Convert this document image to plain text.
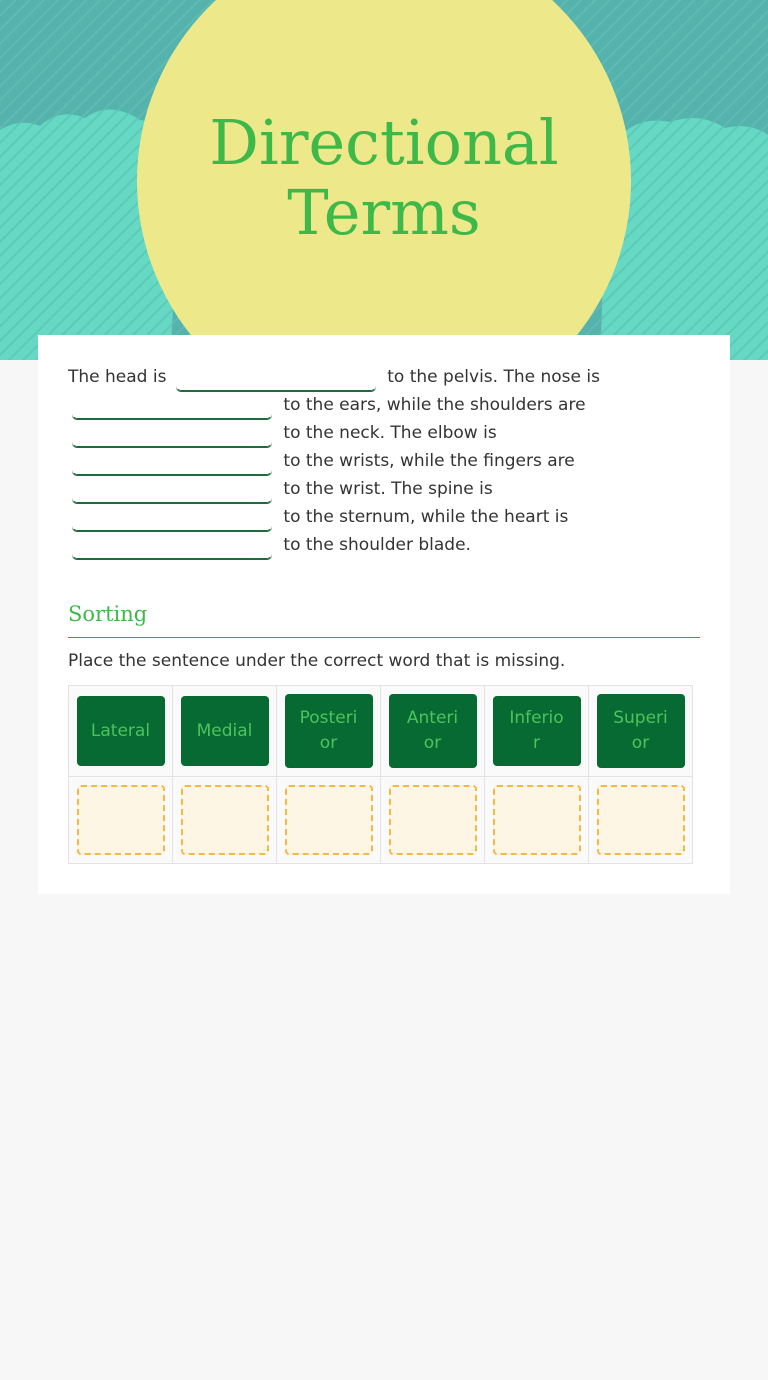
Directional Terms
The head is	to the pelvis. The nose is  to the ears, while the shoulders are  to the neck. The elbow is  to the wrists, while the fingers are  to the wrist. The spine is  to the sternum, while the heart is  to the shoulder blade.
Sorting

Place the sentence under the correct word that is missing.

Lateral	Medial	Posterior	Anterior	Inferior	Superior
